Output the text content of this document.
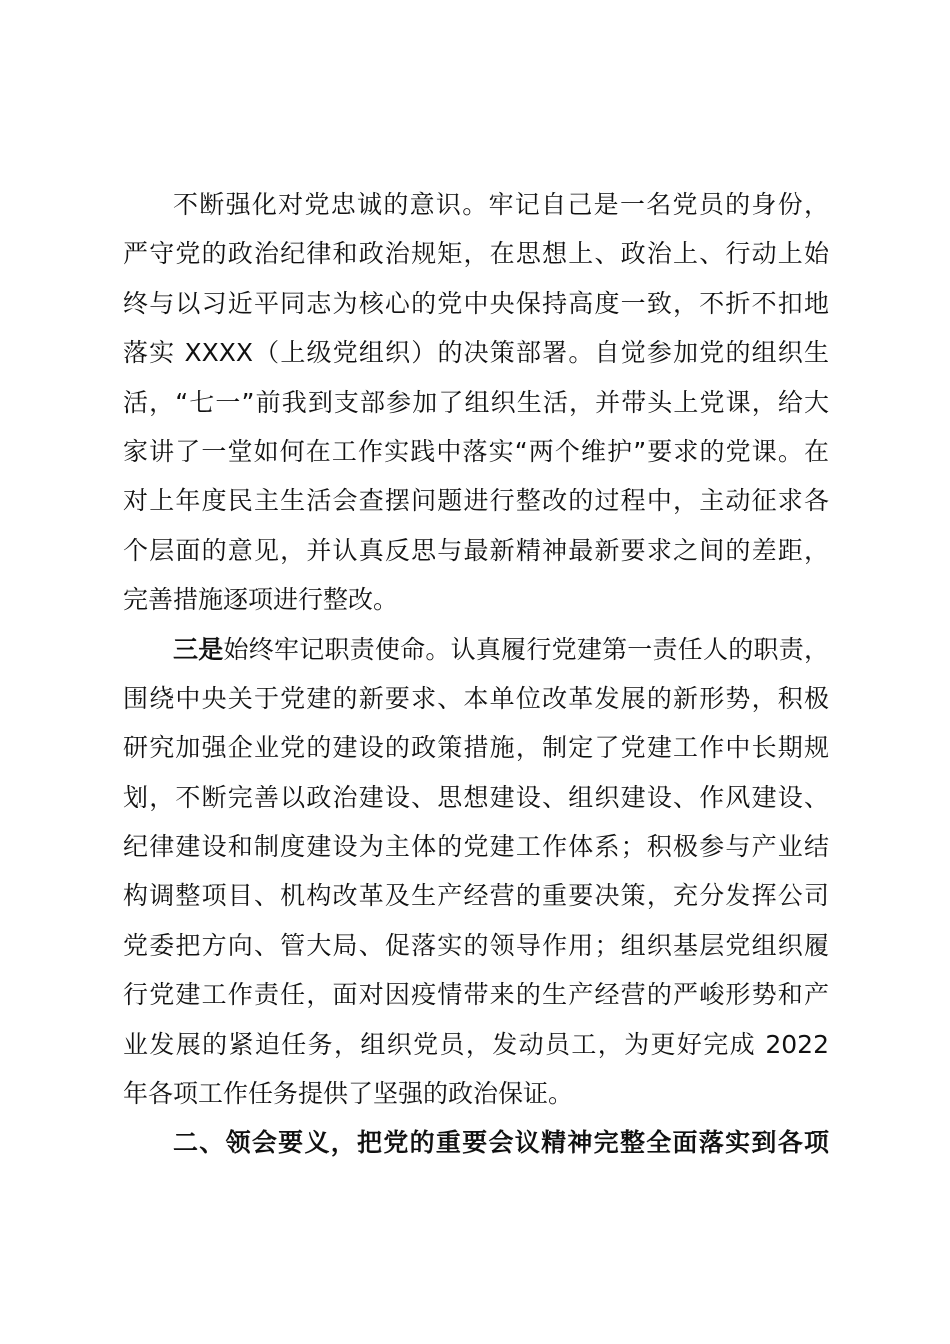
不断强化对党忠诚的意识。牢记自己是一名党员的身份，
严守党的政治纪律和政治规矩，在思想上、政治上、行动上始
终与以习近平同志为核心的党中央保持高度一致，不折不扣地
落实 XXXX（上级党组织）的决策部署。自觉参加党的组织生
活，“七一”前我到支部参加了组织生活，并带头上党课，给大
家讲了一堂如何在工作实践中落实“两个维护”要求的党课。在
对上年度民主生活会查摆问题进行整改的过程中，主动征求各
个层面的意见，并认真反思与最新精神最新要求之间的差距，
完善措施逐项进行整改。
三是始终牢记职责使命。认真履行党建第一责任人的职责，
围绕中央关于党建的新要求、本单位改革发展的新形势，积极
研究加强企业党的建设的政策措施，制定了党建工作中长期规
划，不断完善以政治建设、思想建设、组织建设、作风建设、
纪律建设和制度建设为主体的党建工作体系；积极参与产业结
构调整项目、机构改革及生产经营的重要决策，充分发挥公司
党委把方向、管大局、促落实的领导作用；组织基层党组织履
行党建工作责任，面对因疫情带来的生产经营的严峻形势和产
业发展的紧迫任务，组织党员，发动员工，为更好完成 2022
年各项工作任务提供了坚强的政治保证。
二、领会要义，把党的重要会议精神完整全面落实到各项
